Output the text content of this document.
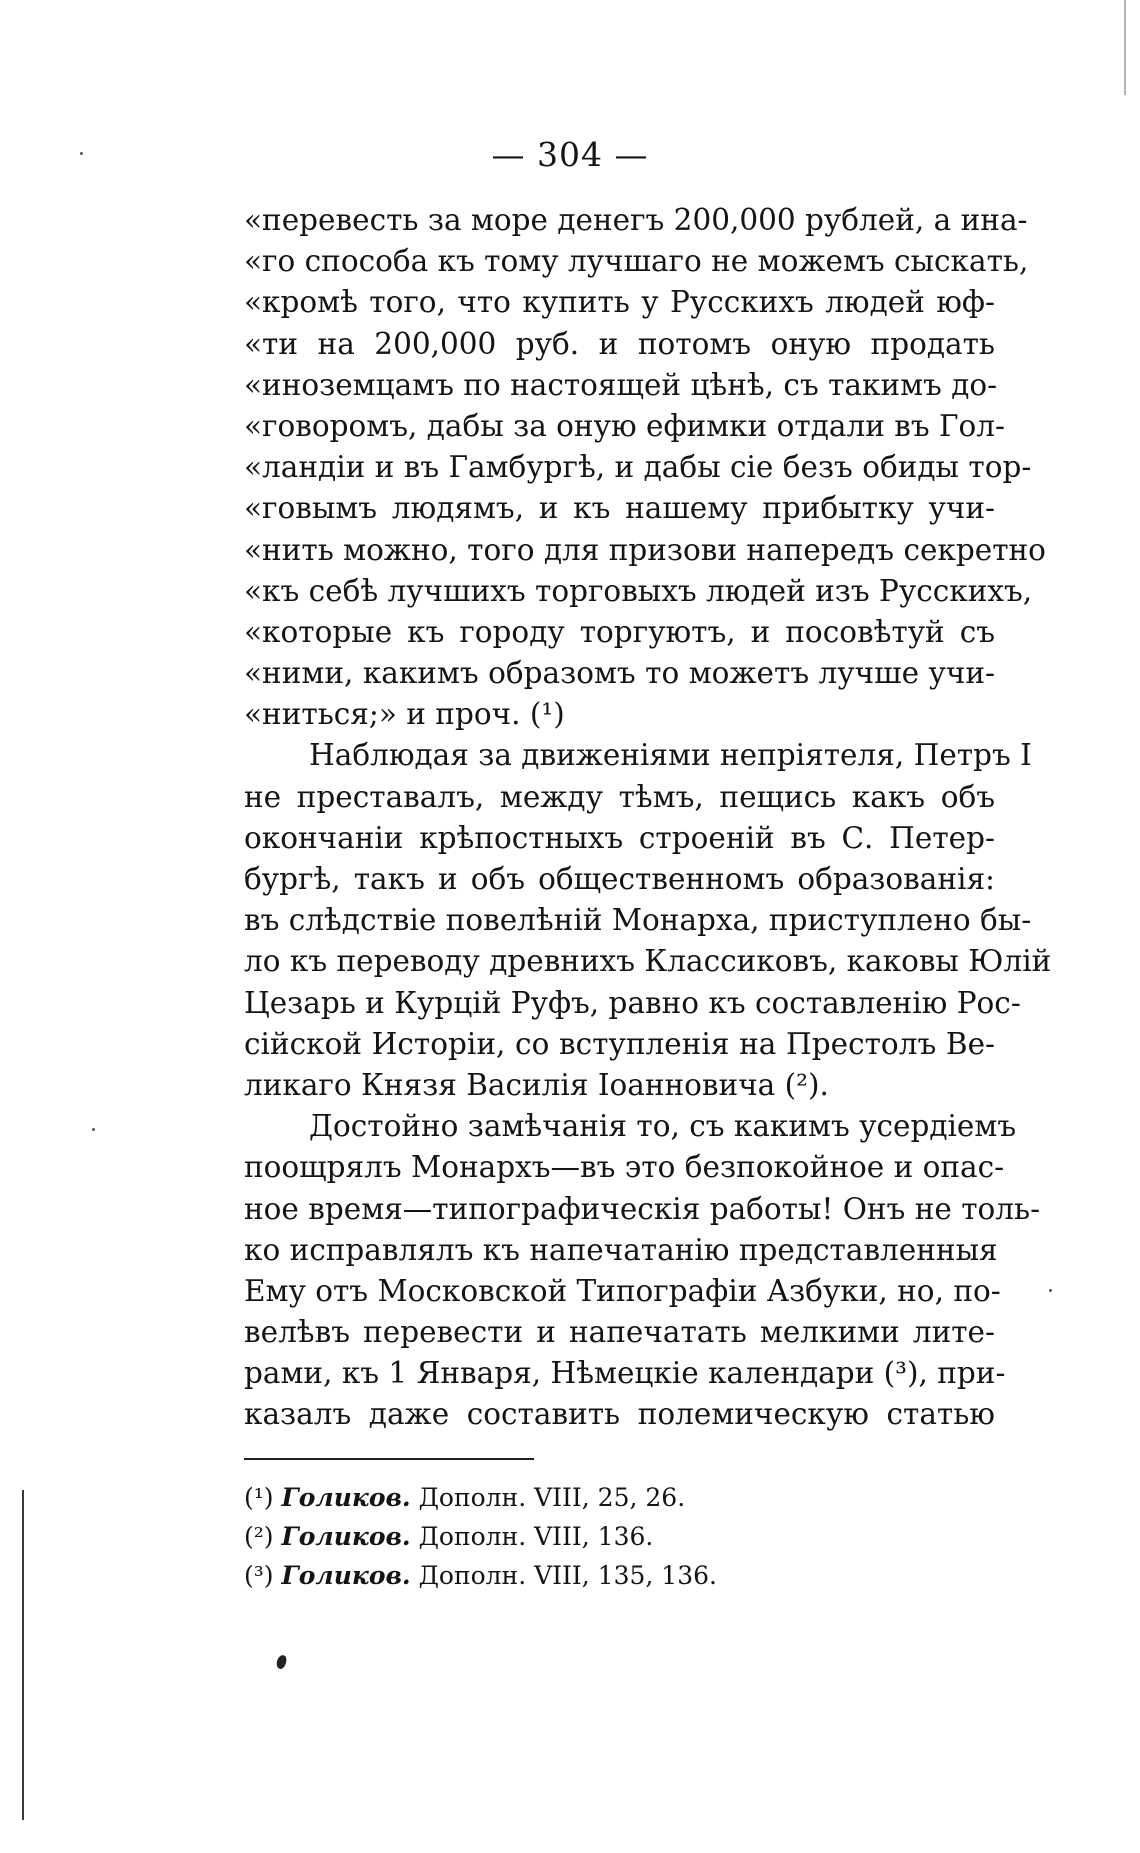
— 304 —
«перевесть за море денегъ 200,000 рублей, а ина-
«го способа къ тому лучшаго не можемъ сыскать,
«кромѣ того, что купить у Русскихъ людей юф-
«ти на 200,000 руб. и потомъ оную продать
«иноземцамъ по настоящей цѣнѣ, съ такимъ до-
«говоромъ, дабы за оную ефимки отдали въ Гол-
«ландіи и въ Гамбургѣ, и дабы сіе безъ обиды тор-
«говымъ людямъ, и къ нашему прибытку учи-
«нить можно, того для призови напередъ секретно
«къ себѣ лучшихъ торговыхъ людей изъ Русскихъ,
«которые къ городу торгуютъ, и посовѣтуй съ
«ними, какимъ образомъ то можетъ лучше учи-
«ниться;» и проч. (¹)
Наблюдая за движеніями непріятеля, Петръ I
не преставалъ, между тѣмъ, пещись какъ объ
окончаніи крѣпостныхъ строеній въ С. Петер-
бургѣ, такъ и объ общественномъ образованія:
въ слѣдствіе повелѣній Монарха, приступлено бы-
ло къ переводу древнихъ Классиковъ, каковы Юлій
Цезарь и Курцій Руфъ, равно къ составленію Рос-
сійской Исторіи, со вступленія на Престолъ Ве-
ликаго Князя Василія Іоанновича (²).
Достойно замѣчанія то, съ какимъ усердіемъ
поощрялъ Монархъ—въ это безпокойное и опас-
ное время—типографическія работы! Онъ не толь-
ко исправлялъ къ напечатанію представленныя
Ему отъ Московской Типографіи Азбуки, но, по-
велѣвъ перевести и напечатать мелкими лите-
рами, къ 1 Января, Нѣмецкіе календари (³), при-
казалъ даже составить полемическую статью
(¹) Голиков. Дополн. VIII, 25, 26.
(²) Голиков. Дополн. VIII, 136.
(³) Голиков. Дополн. VIII, 135, 136.
